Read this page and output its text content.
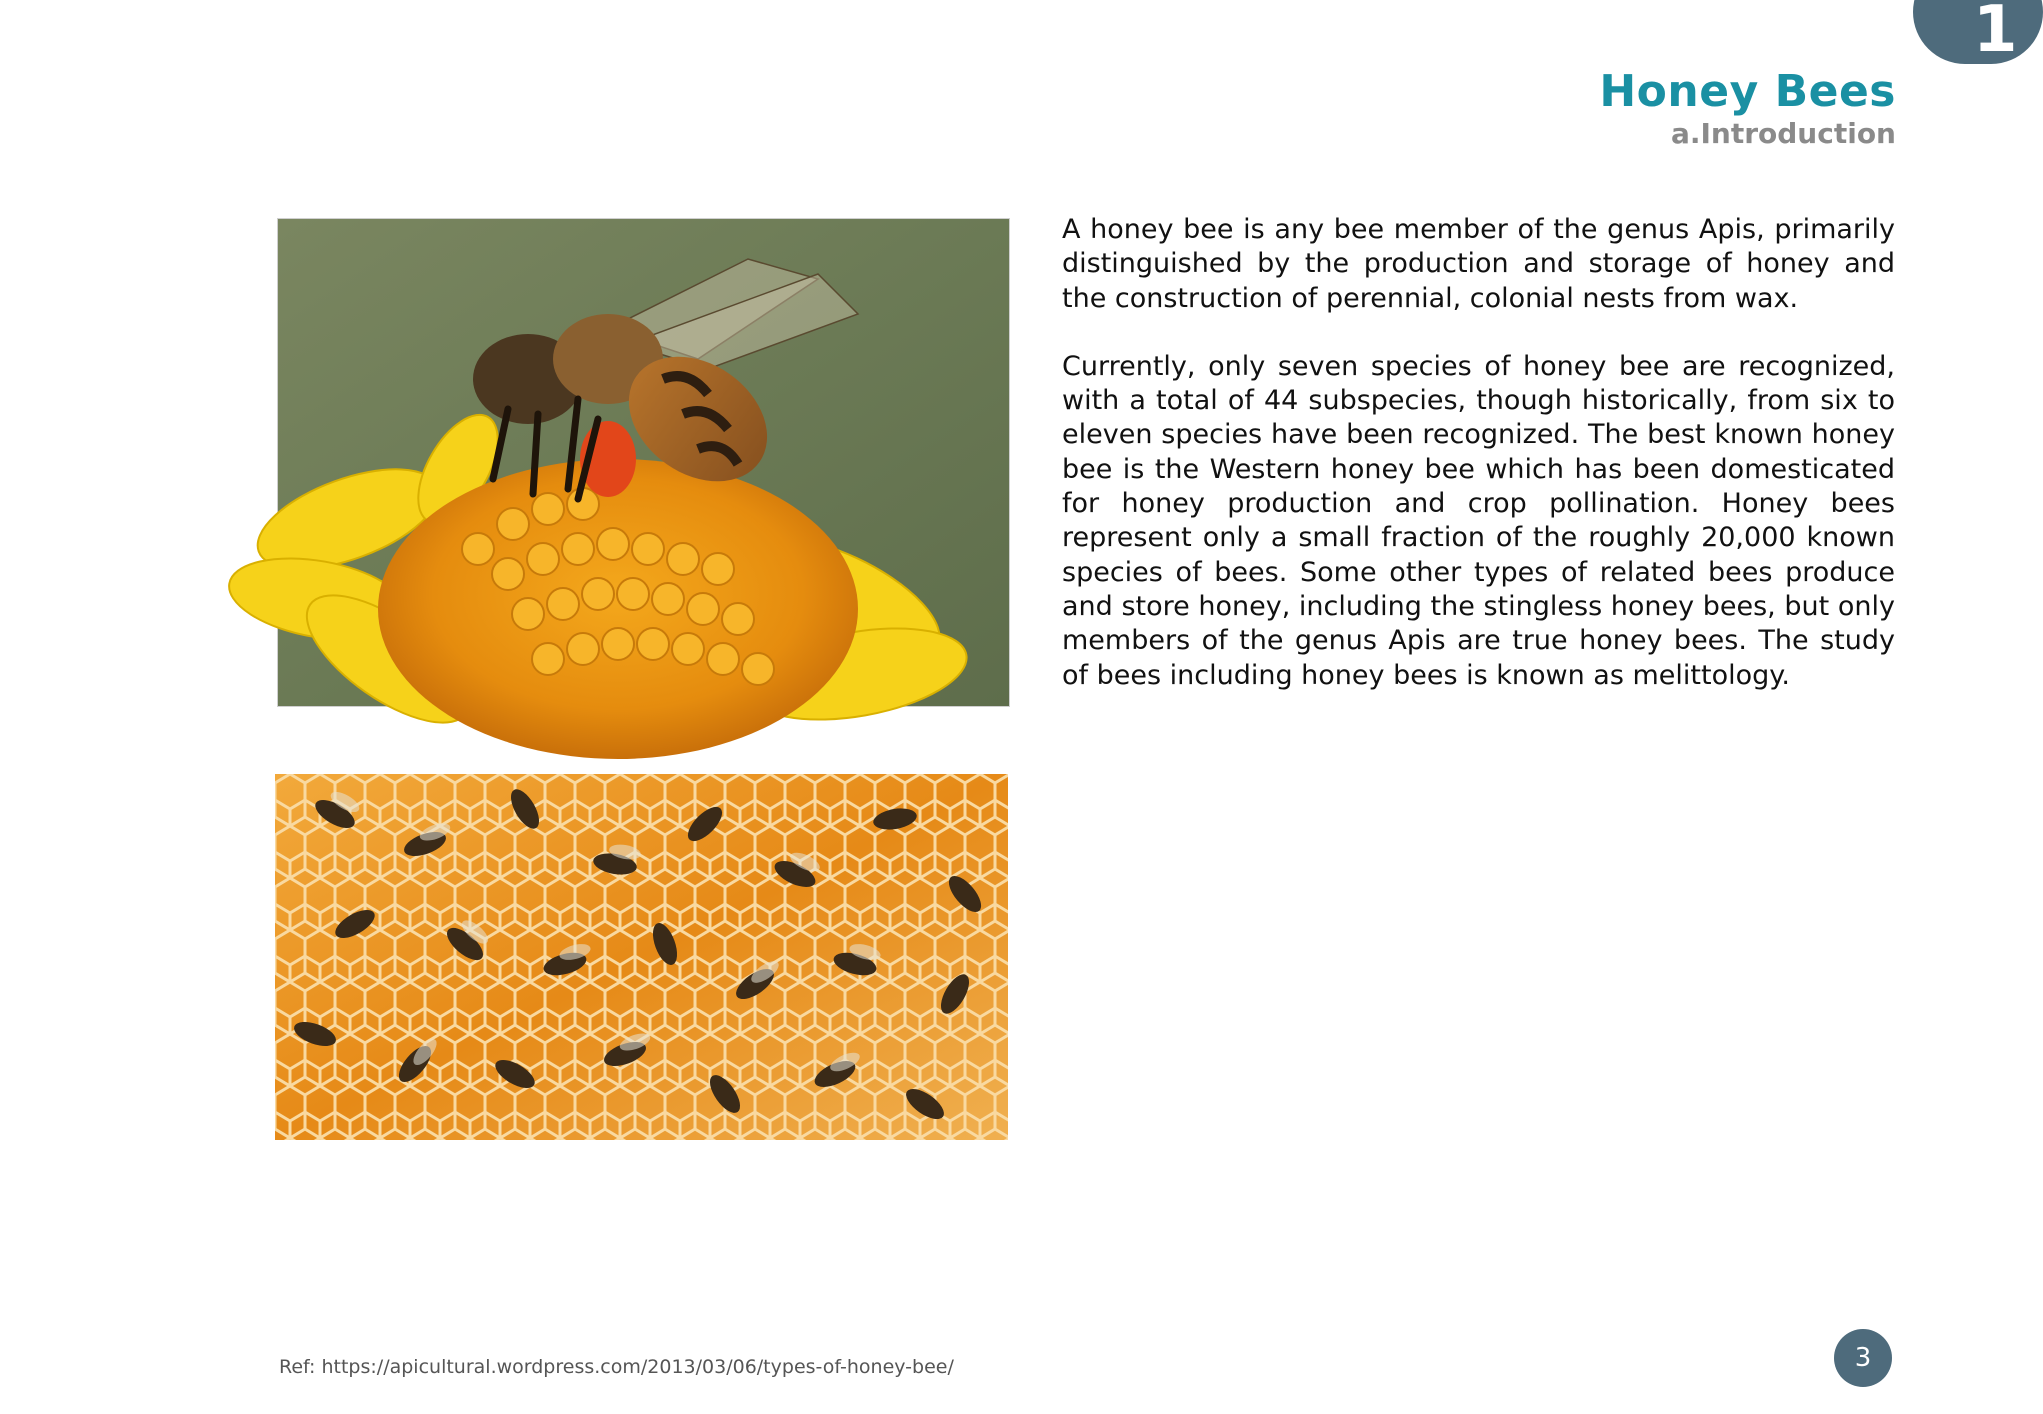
1
Honey Bees
a.Introduction

A honey bee is any bee member of the genus Apis, primarily distinguished by the production and storage of honey and the construction of perennial, colonial nests from wax.

Currently, only seven species of honey bee are recognized, with a total of 44 subspecies, though historically, from six to eleven species have been recognized. The best known honey bee is the Western honey bee which has been domesticated for honey production and crop pollination. Honey bees represent only a small fraction of the roughly 20,000 known species of bees. Some other types of related bees produce and store honey, including the stingless honey bees, but only members of the genus Apis are true honey bees. The study of bees including honey bees is known as melittology.

Ref: https://apicultural.wordpress.com/2013/03/06/types-of-honey-bee/	3
